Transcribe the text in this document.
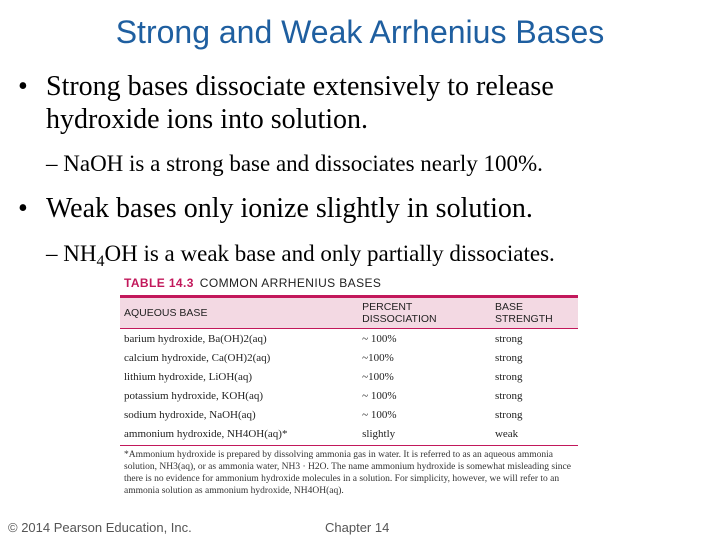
Strong and Weak Arrhenius Bases
• Strong bases dissociate extensively to release
hydroxide ions into solution.
– NaOH is a strong base and dissociates nearly 100%.
• Weak bases only ionize slightly in solution.
– $NH_4OH$ is a weak base and only partially dissociates.
TABLE 14.3 COMMON ARRHENIUS BASES
AQUEOUS BASE	PERCENT DISSOCIATION	BASE STRENGTH
barium hydroxide, Ba(OH)2(aq)	~ 100%	strong
calcium hydroxide, Ca(OH)2(aq)	~100%	strong
lithium hydroxide, LiOH(aq)	~100%	strong
potassium hydroxide, KOH(aq)	~ 100%	strong
sodium hydroxide, NaOH(aq)	~ 100%	strong
ammonium hydroxide, NH4OH(aq)*	slightly	weak
*Ammonium hydroxide is prepared by dissolving ammonia gas in water. It is referred to as an aqueous ammonia solution, NH3(aq), or as ammonia water, NH3 · H2O. The name ammonium hydroxide is somewhat misleading since there is no evidence for ammonium hydroxide molecules in a solution. For simplicity, however, we will refer to an ammonia solution as ammonium hydroxide, NH4OH(aq).
© 2014 Pearson Education, Inc.	Chapter 14
